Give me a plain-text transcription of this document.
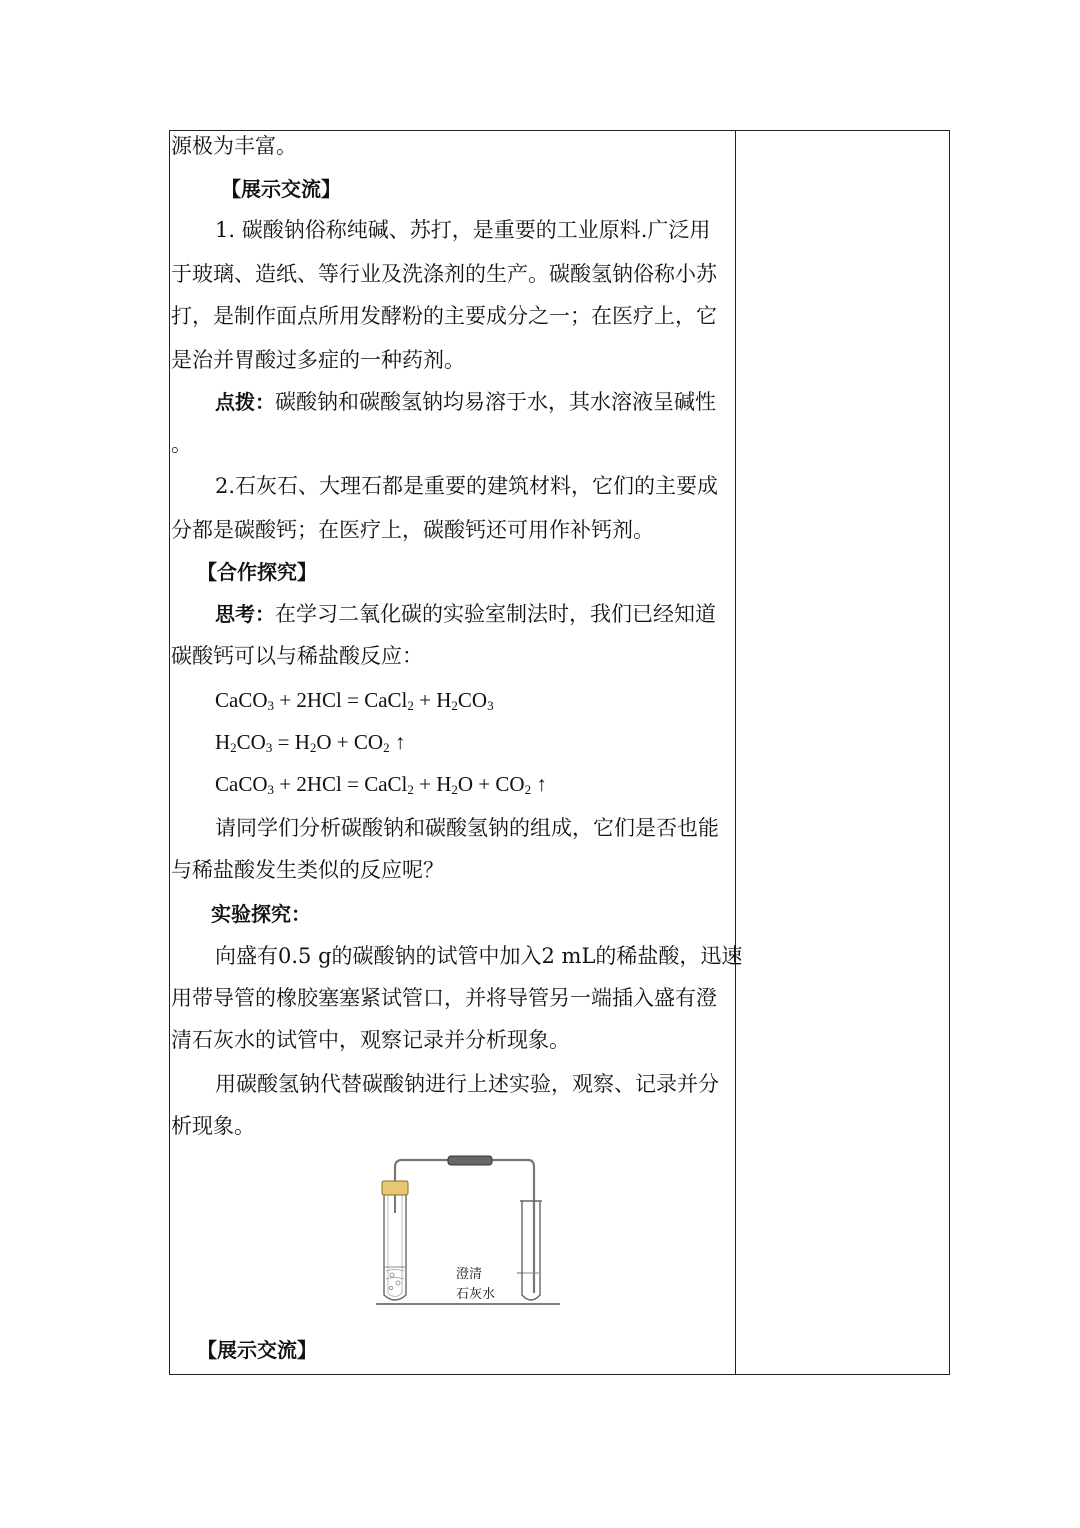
源极为丰富。
【展示交流】
1. 碳酸钠俗称纯碱、苏打，是重要的工业原料.广泛用
于玻璃、造纸、等行业及洗涤剂的生产。碳酸氢钠俗称小苏
打，是制作面点所用发酵粉的主要成分之一；在医疗上，它
是治并胃酸过多症的一种药剂。
点拨：碳酸钠和碳酸氢钠均易溶于水，其水溶液呈碱性
。
2.石灰石、大理石都是重要的建筑材料，它们的主要成
分都是碳酸钙；在医疗上，碳酸钙还可用作补钙剂。
【合作探究】
思考：在学习二氧化碳的实验室制法时，我们已经知道
碳酸钙可以与稀盐酸反应：
CaCO$_3$ + 2HCl = CaCl$_2$ + $H_2CO_3$
$H_2CO_3 = H_2O + CO_2$ ↑
CaCO$_3$ + 2HCl = CaCl$_2$ + $H_2O + CO_2$ ↑
请同学们分析碳酸钠和碳酸氢钠的组成，它们是否也能
与稀盐酸发生类似的反应呢？
实验探究：
向盛有0.5 g的碳酸钠的试管中加入2 mL的稀盐酸，迅速
用带导管的橡胶塞塞紧试管口，并将导管另一端插入盛有澄
清石灰水的试管中，观察记录并分析现象。
用碳酸氢钠代替碳酸钠进行上述实验，观察、记录并分
析现象。
【展示交流】
澄清
石灰水
